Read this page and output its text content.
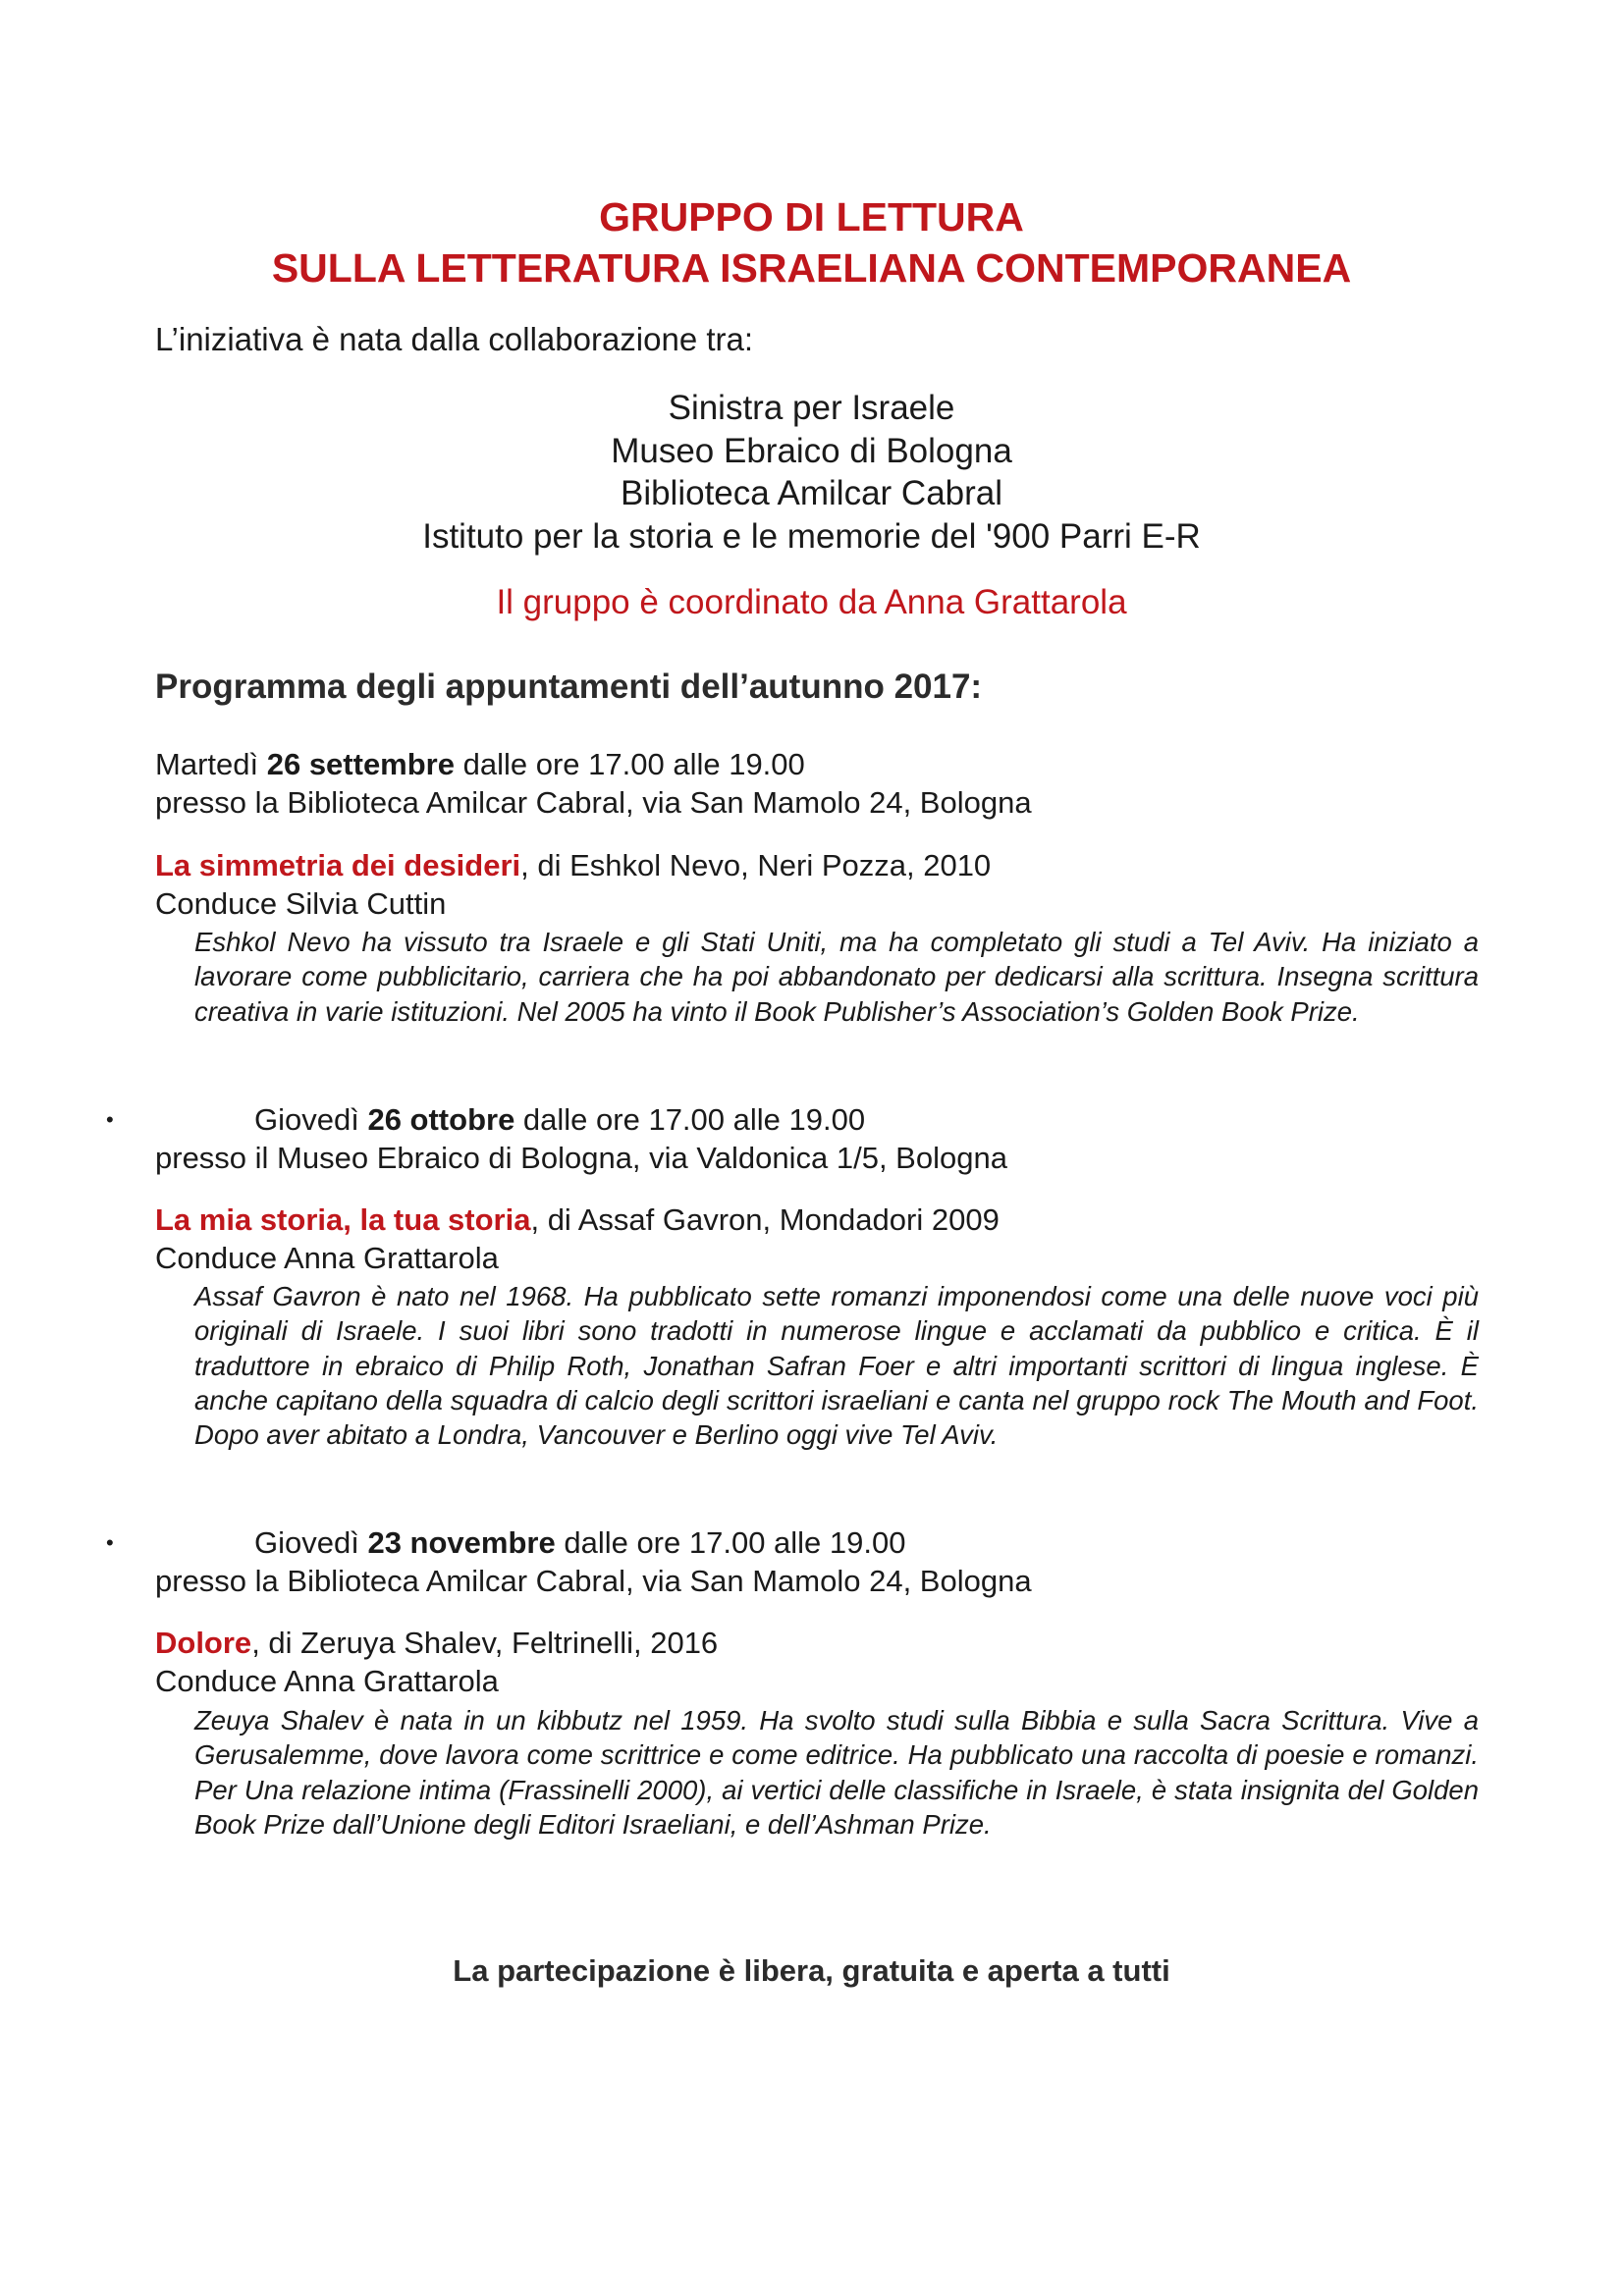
GRUPPO DI LETTURA
SULLA LETTERATURA ISRAELIANA CONTEMPORANEA
L’iniziativa è nata dalla collaborazione tra:
Sinistra per Israele
Museo Ebraico di Bologna
Biblioteca Amilcar Cabral
Istituto per la storia e le memorie del '900 Parri E-R
Il gruppo è coordinato da Anna Grattarola
Programma degli appuntamenti dell’autunno 2017:
Martedì 26 settembre dalle ore 17.00 alle 19.00
presso la Biblioteca Amilcar Cabral, via San Mamolo 24, Bologna
La simmetria dei desideri, di Eshkol Nevo, Neri Pozza, 2010
Conduce Silvia Cuttin
Eshkol Nevo ha vissuto tra Israele e gli Stati Uniti, ma ha completato gli studi a Tel Aviv. Ha iniziato a lavorare come pubblicitario, carriera che ha poi abbandonato per dedicarsi alla scrittura. Insegna scrittura creativa in varie istituzioni. Nel 2005 ha vinto il Book Publisher’s Association’s Golden Book Prize.
•	Giovedì 26 ottobre dalle ore 17.00 alle 19.00
presso il Museo Ebraico di Bologna, via Valdonica 1/5, Bologna
La mia storia, la tua storia, di Assaf Gavron, Mondadori 2009
Conduce Anna Grattarola
Assaf Gavron è nato nel 1968. Ha pubblicato sette romanzi imponendosi come una delle nuove voci più originali di Israele. I suoi libri sono tradotti in numerose lingue e acclamati da pubblico e critica. È il traduttore in ebraico di Philip Roth, Jonathan Safran Foer e altri importanti scrittori di lingua inglese. È anche capitano della squadra di calcio degli scrittori israeliani e canta nel gruppo rock The Mouth and Foot. Dopo aver abitato a Londra, Vancouver e Berlino oggi vive Tel Aviv.
•	Giovedì 23 novembre dalle ore 17.00 alle 19.00
presso la Biblioteca Amilcar Cabral, via San Mamolo 24, Bologna
Dolore, di Zeruya Shalev, Feltrinelli, 2016
Conduce Anna Grattarola
Zeuya Shalev è nata in un kibbutz nel 1959. Ha svolto studi sulla Bibbia e sulla Sacra Scrittura. Vive a Gerusalemme, dove lavora come scrittrice e come editrice. Ha pubblicato una raccolta di poesie e romanzi. Per Una relazione intima (Frassinelli 2000), ai vertici delle classifiche in Israele, è stata insignita del Golden Book Prize dall’Unione degli Editori Israeliani, e dell’Ashman Prize.
La partecipazione è libera, gratuita e aperta a tutti
